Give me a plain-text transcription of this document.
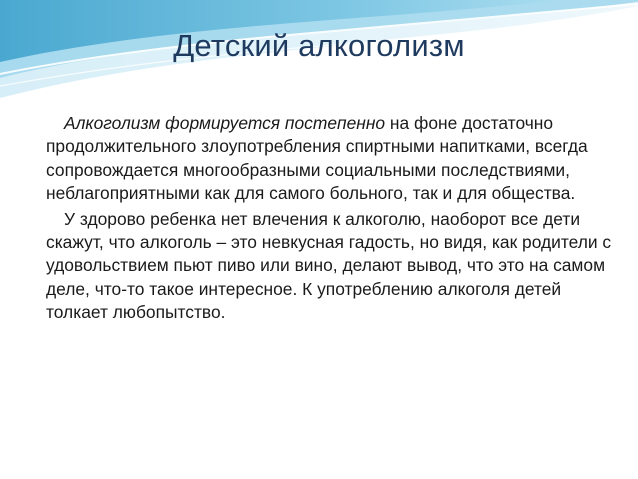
Детский алкоголизм

Алкоголизм формируется постепенно на фоне достаточно продолжительного злоупотребления спиртными напитками, всегда сопровождается многообразными социальными последствиями, неблагоприятными как для самого больного, так и для общества.

У здорово ребенка нет влечения к алкоголю, наоборот все дети скажут, что алкоголь – это невкусная гадость, но видя, как родители с удовольствием пьют пиво или вино, делают вывод, что это на самом деле, что-то такое интересное. К употреблению алкоголя детей толкает любопытство.
